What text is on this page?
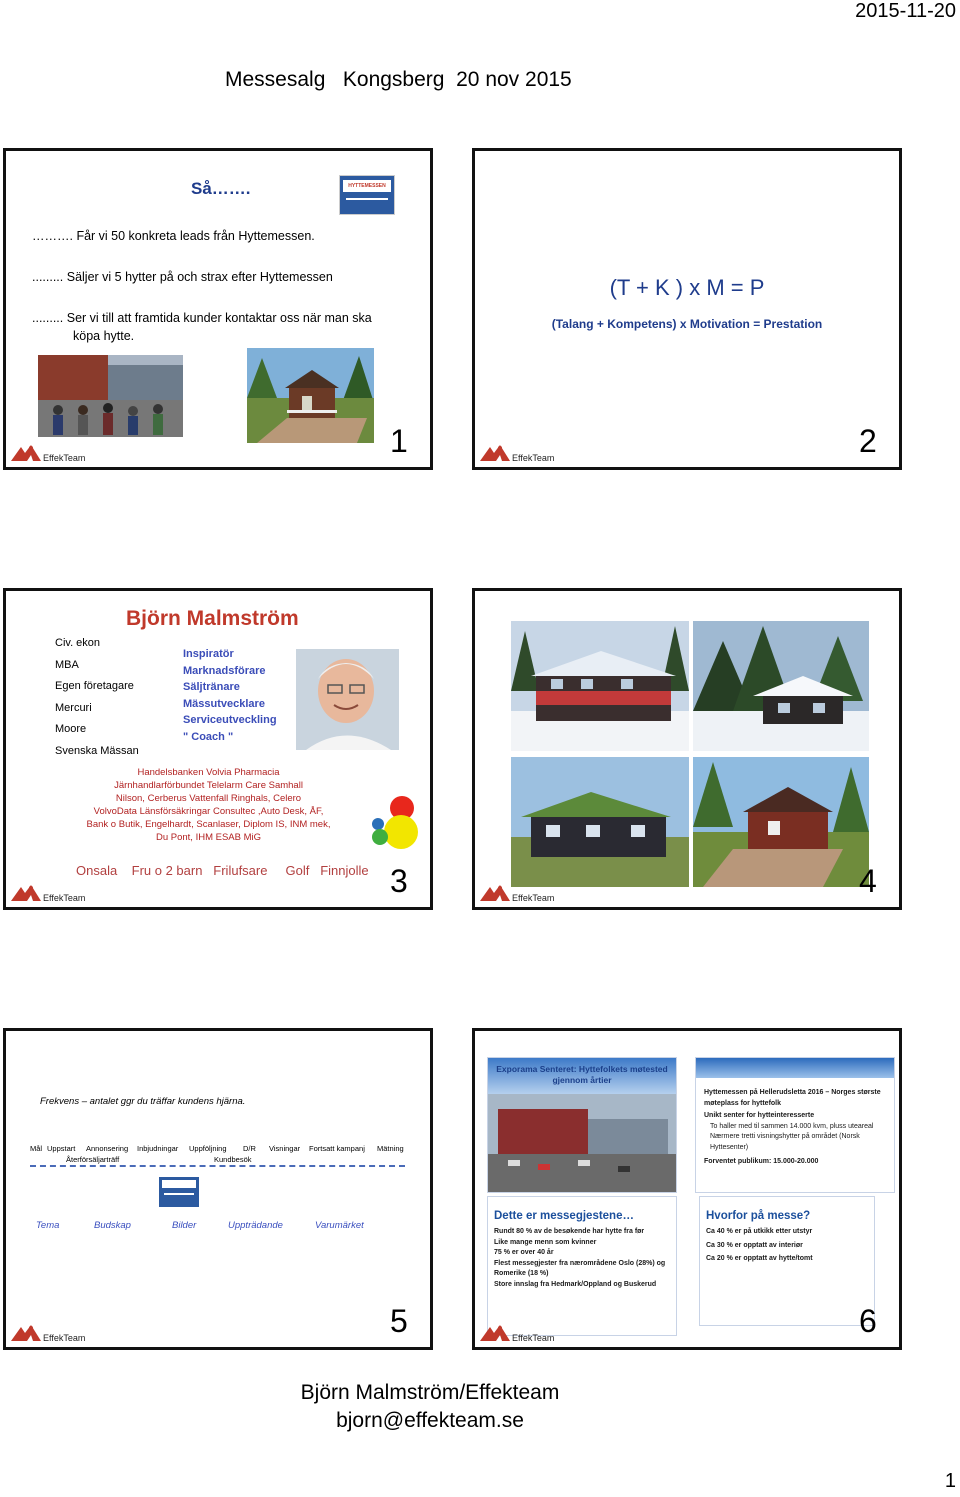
2015-11-20
Messesalg   Kongsberg  20 nov 2015
Så…….	HYTTEMESSEN
………. Får vi 50 konkreta leads från Hyttemessen.
......... Säljer vi 5 hytter på och strax efter Hyttemessen
......... Ser vi till att framtida kunder kontaktar oss när man ska köpa hytte.
1
EffekTeam
(T + K ) x M = P
(Talang + Kompetens) x Motivation = Prestation
2
EffekTeam
Björn Malmström
Civ. ekon
MBA
Egen företagare
Mercuri
Moore
Svenska Mässan
Inspiratör
Marknadsförare
Säljtränare
Mässutvecklare
Serviceutveckling
" Coach "
Handelsbanken Volvia Pharmacia
Järnhandlarförbundet Telelarm Care Samhall
Nilson, Cerberus Vattenfall Ringhals, Celero
VolvoData Länsförsäkringar Consultec ,Auto Desk, ÅF,
Bank o Butik, Engelhardt, Scanlaser, Diplom IS, INM mek,
Du Pont, IHM ESAB MiG
Onsala    Fru o 2 barn   Frilufsare     Golf   Finnjolle 3
EffekTeam	4
EffekTeam
Frekvens – antalet ggr du träffar kundens hjärna.
Mål Uppstart Annonsering Inbjudningar Uppföljning D/R Visningar Fortsatt kampanj Mätning
Återförsäljarträff	Kundbesök
Tema	Budskap	Bilder	Uppträdande	Varumärket
5
EffekTeam
Exporama Senteret: Hyttefolkets møtested gjennom årtier
Hyttemessen på Hellerudsletta 2016 – Norges største møteplass for hyttefolk
Unikt senter for hytteinteresserte
To haller med til sammen 14.000 kvm, pluss uteareal
Nærmere tretti visningshytter på området (Norsk Hyttesenter)
Forventet publikum: 15.000-20.000
Dette er messegjestene…
Rundt 80 % av de besøkende har hytte fra før
Like mange menn som kvinner
75 % er over 40 år
Flest messegjester fra nærområdene Oslo (28%) og Romerike (18 %)
Store innslag fra Hedmark/Oppland og Buskerud
Hvorfor på messe?
Ca 40 % er på utkikk etter utstyr
Ca 30 % er opptatt av interiør
Ca 20 % er opptatt av hytte/tomt
6
EffekTeam
Björn Malmström/Effekteam
bjorn@effekteam.se
1
